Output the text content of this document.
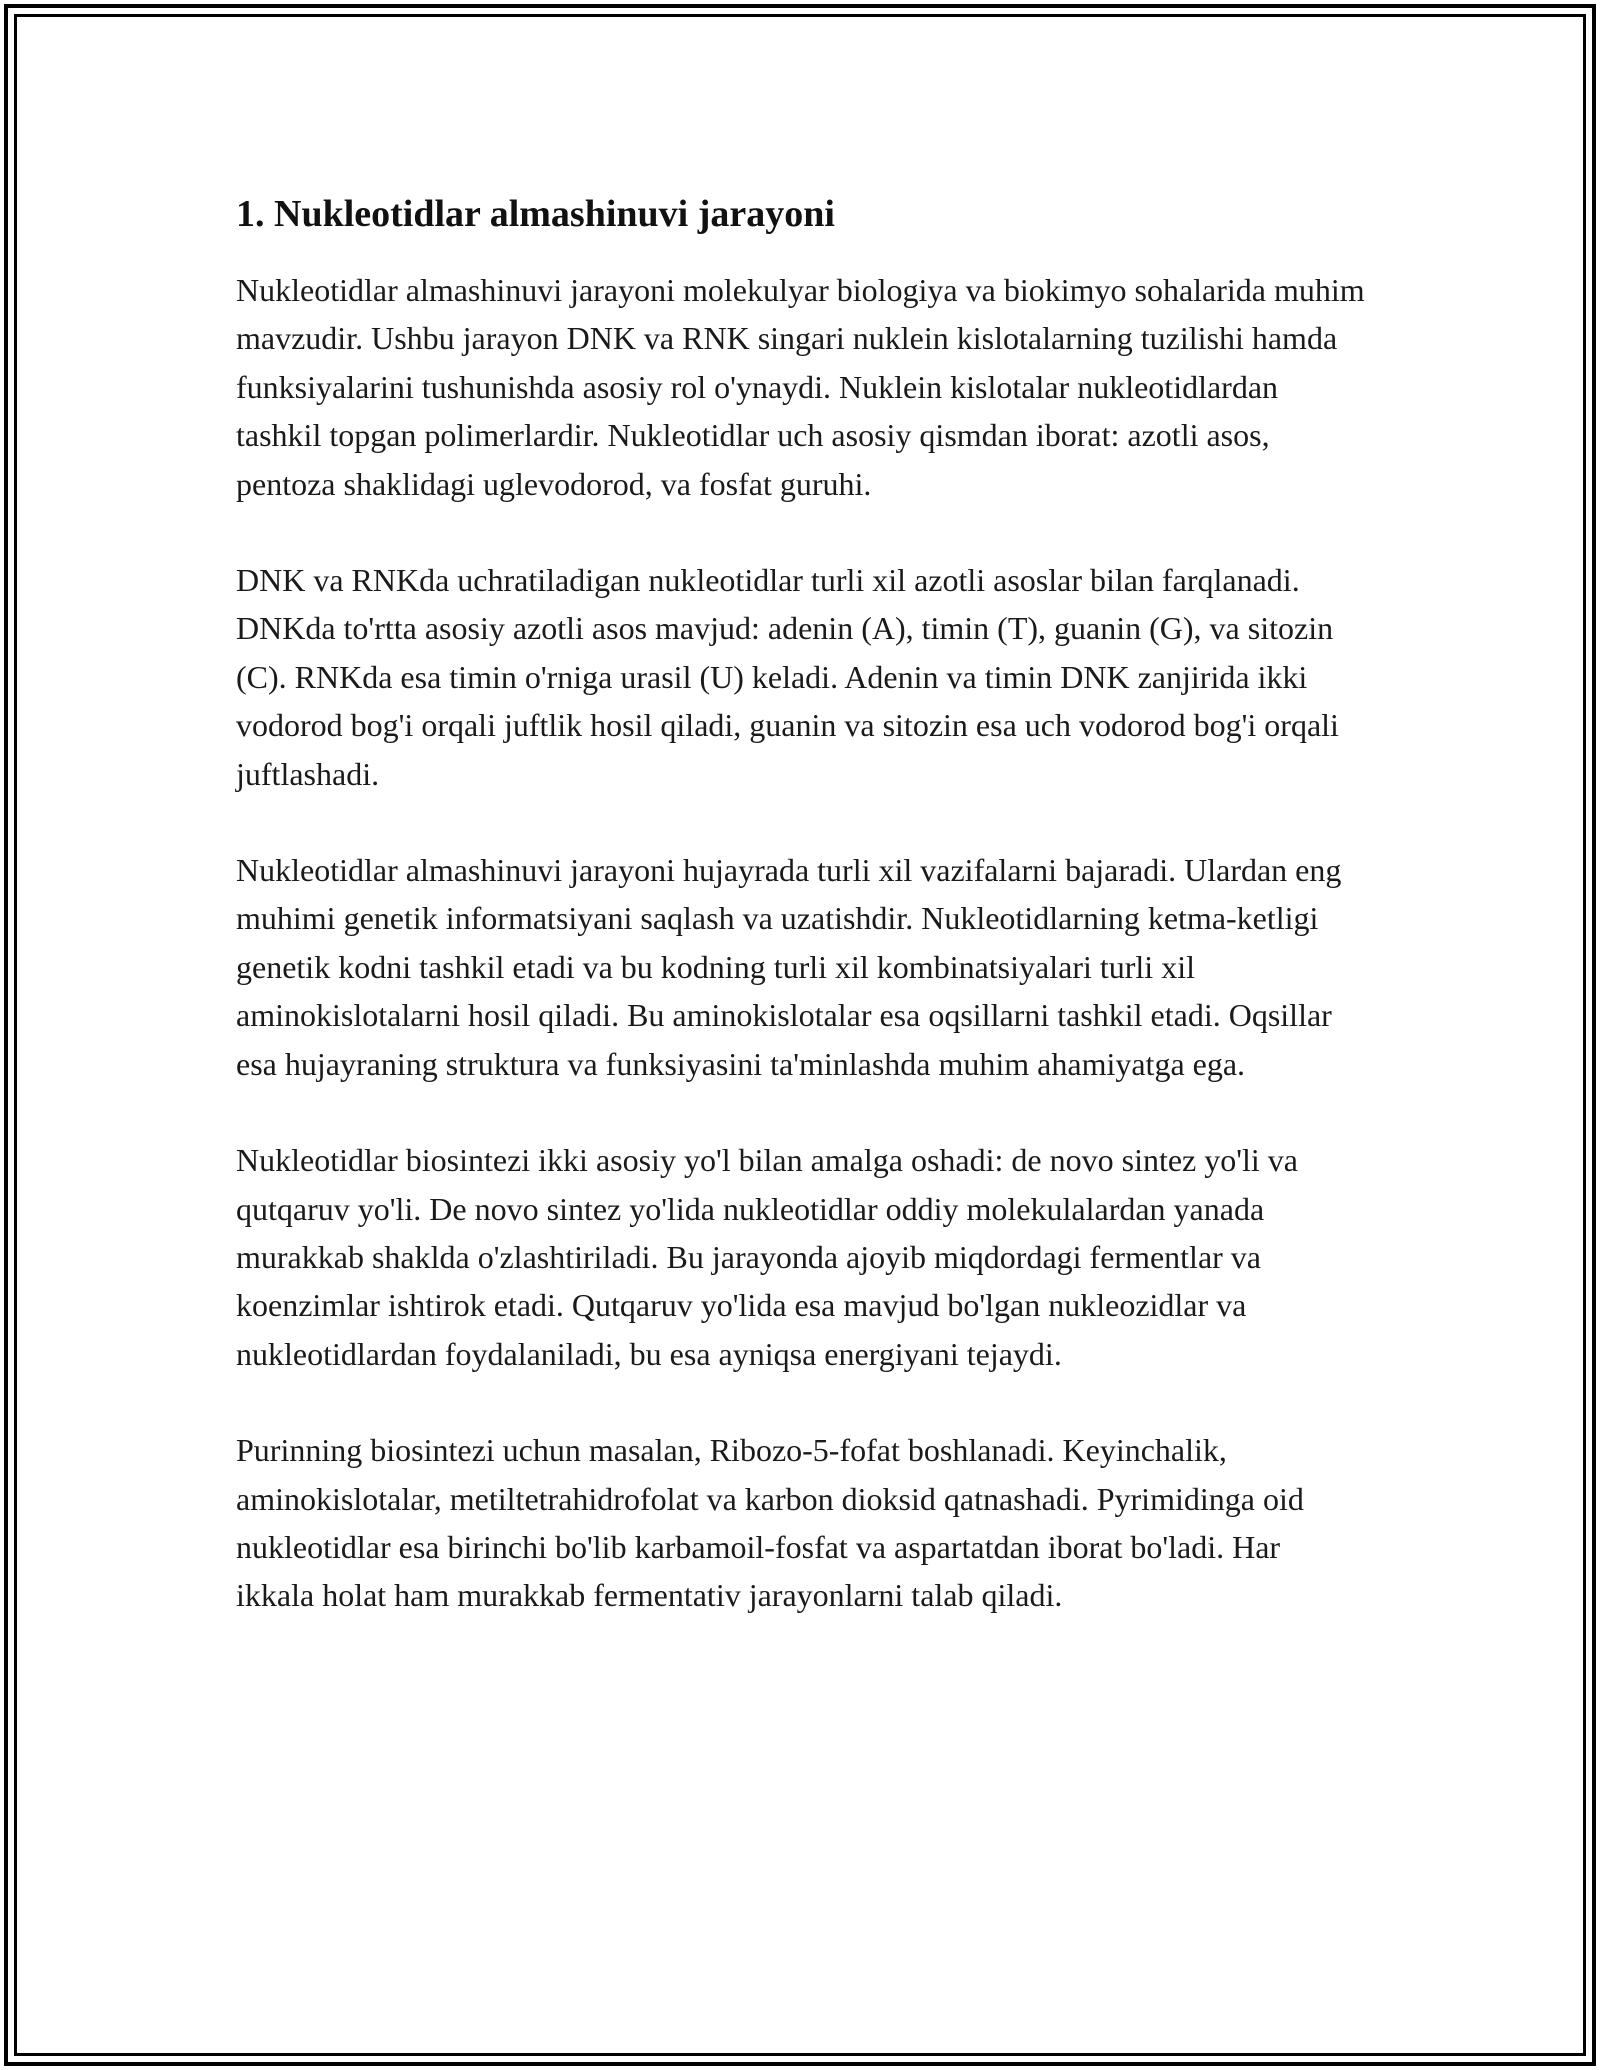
1. Nukleotidlar almashinuvi jarayoni

Nukleotidlar almashinuvi jarayoni molekulyar biologiya va biokimyo sohalarida muhim mavzudir. Ushbu jarayon DNK va RNK singari nuklein kislotalarning tuzilishi hamda funksiyalarini tushunishda asosiy rol o'ynaydi. Nuklein kislotalar nukleotidlardan tashkil topgan polimerlardir. Nukleotidlar uch asosiy qismdan iborat: azotli asos, pentoza shaklidagi uglevodorod, va fosfat guruhi.

DNK va RNKda uchratiladigan nukleotidlar turli xil azotli asoslar bilan farqlanadi. DNKda to'rtta asosiy azotli asos mavjud: adenin (A), timin (T), guanin (G), va sitozin (C). RNKda esa timin o'rniga urasil (U) keladi. Adenin va timin DNK zanjirida ikki vodorod bog'i orqali juftlik hosil qiladi, guanin va sitozin esa uch vodorod bog'i orqali juftlashadi.

Nukleotidlar almashinuvi jarayoni hujayrada turli xil vazifalarni bajaradi. Ulardan eng muhimi genetik informatsiyani saqlash va uzatishdir. Nukleotidlarning ketma-ketligi genetik kodni tashkil etadi va bu kodning turli xil kombinatsiyalari turli xil aminokislotalarni hosil qiladi. Bu aminokislotalar esa oqsillarni tashkil etadi. Oqsillar esa hujayraning struktura va funksiyasini ta'minlashda muhim ahamiyatga ega.

Nukleotidlar biosintezi ikki asosiy yo'l bilan amalga oshadi: de novo sintez yo'li va qutqaruv yo'li. De novo sintez yo'lida nukleotidlar oddiy molekulalardan yanada murakkab shaklda o'zlashtiriladi. Bu jarayonda ajoyib miqdordagi fermentlar va koenzimlar ishtirok etadi. Qutqaruv yo'lida esa mavjud bo'lgan nukleozidlar va nukleotidlardan foydalaniladi, bu esa ayniqsa energiyani tejaydi.

Purinning biosintezi uchun masalan, Ribozo-5-fofat boshlanadi. Keyinchalik, aminokislotalar, metiltetrahidrofolat va karbon dioksid qatnashadi. Pyrimidinga oid nukleotidlar esa birinchi bo'lib karbamoil-fosfat va aspartatdan iborat bo'ladi. Har ikkala holat ham murakkab fermentativ jarayonlarni talab qiladi.
